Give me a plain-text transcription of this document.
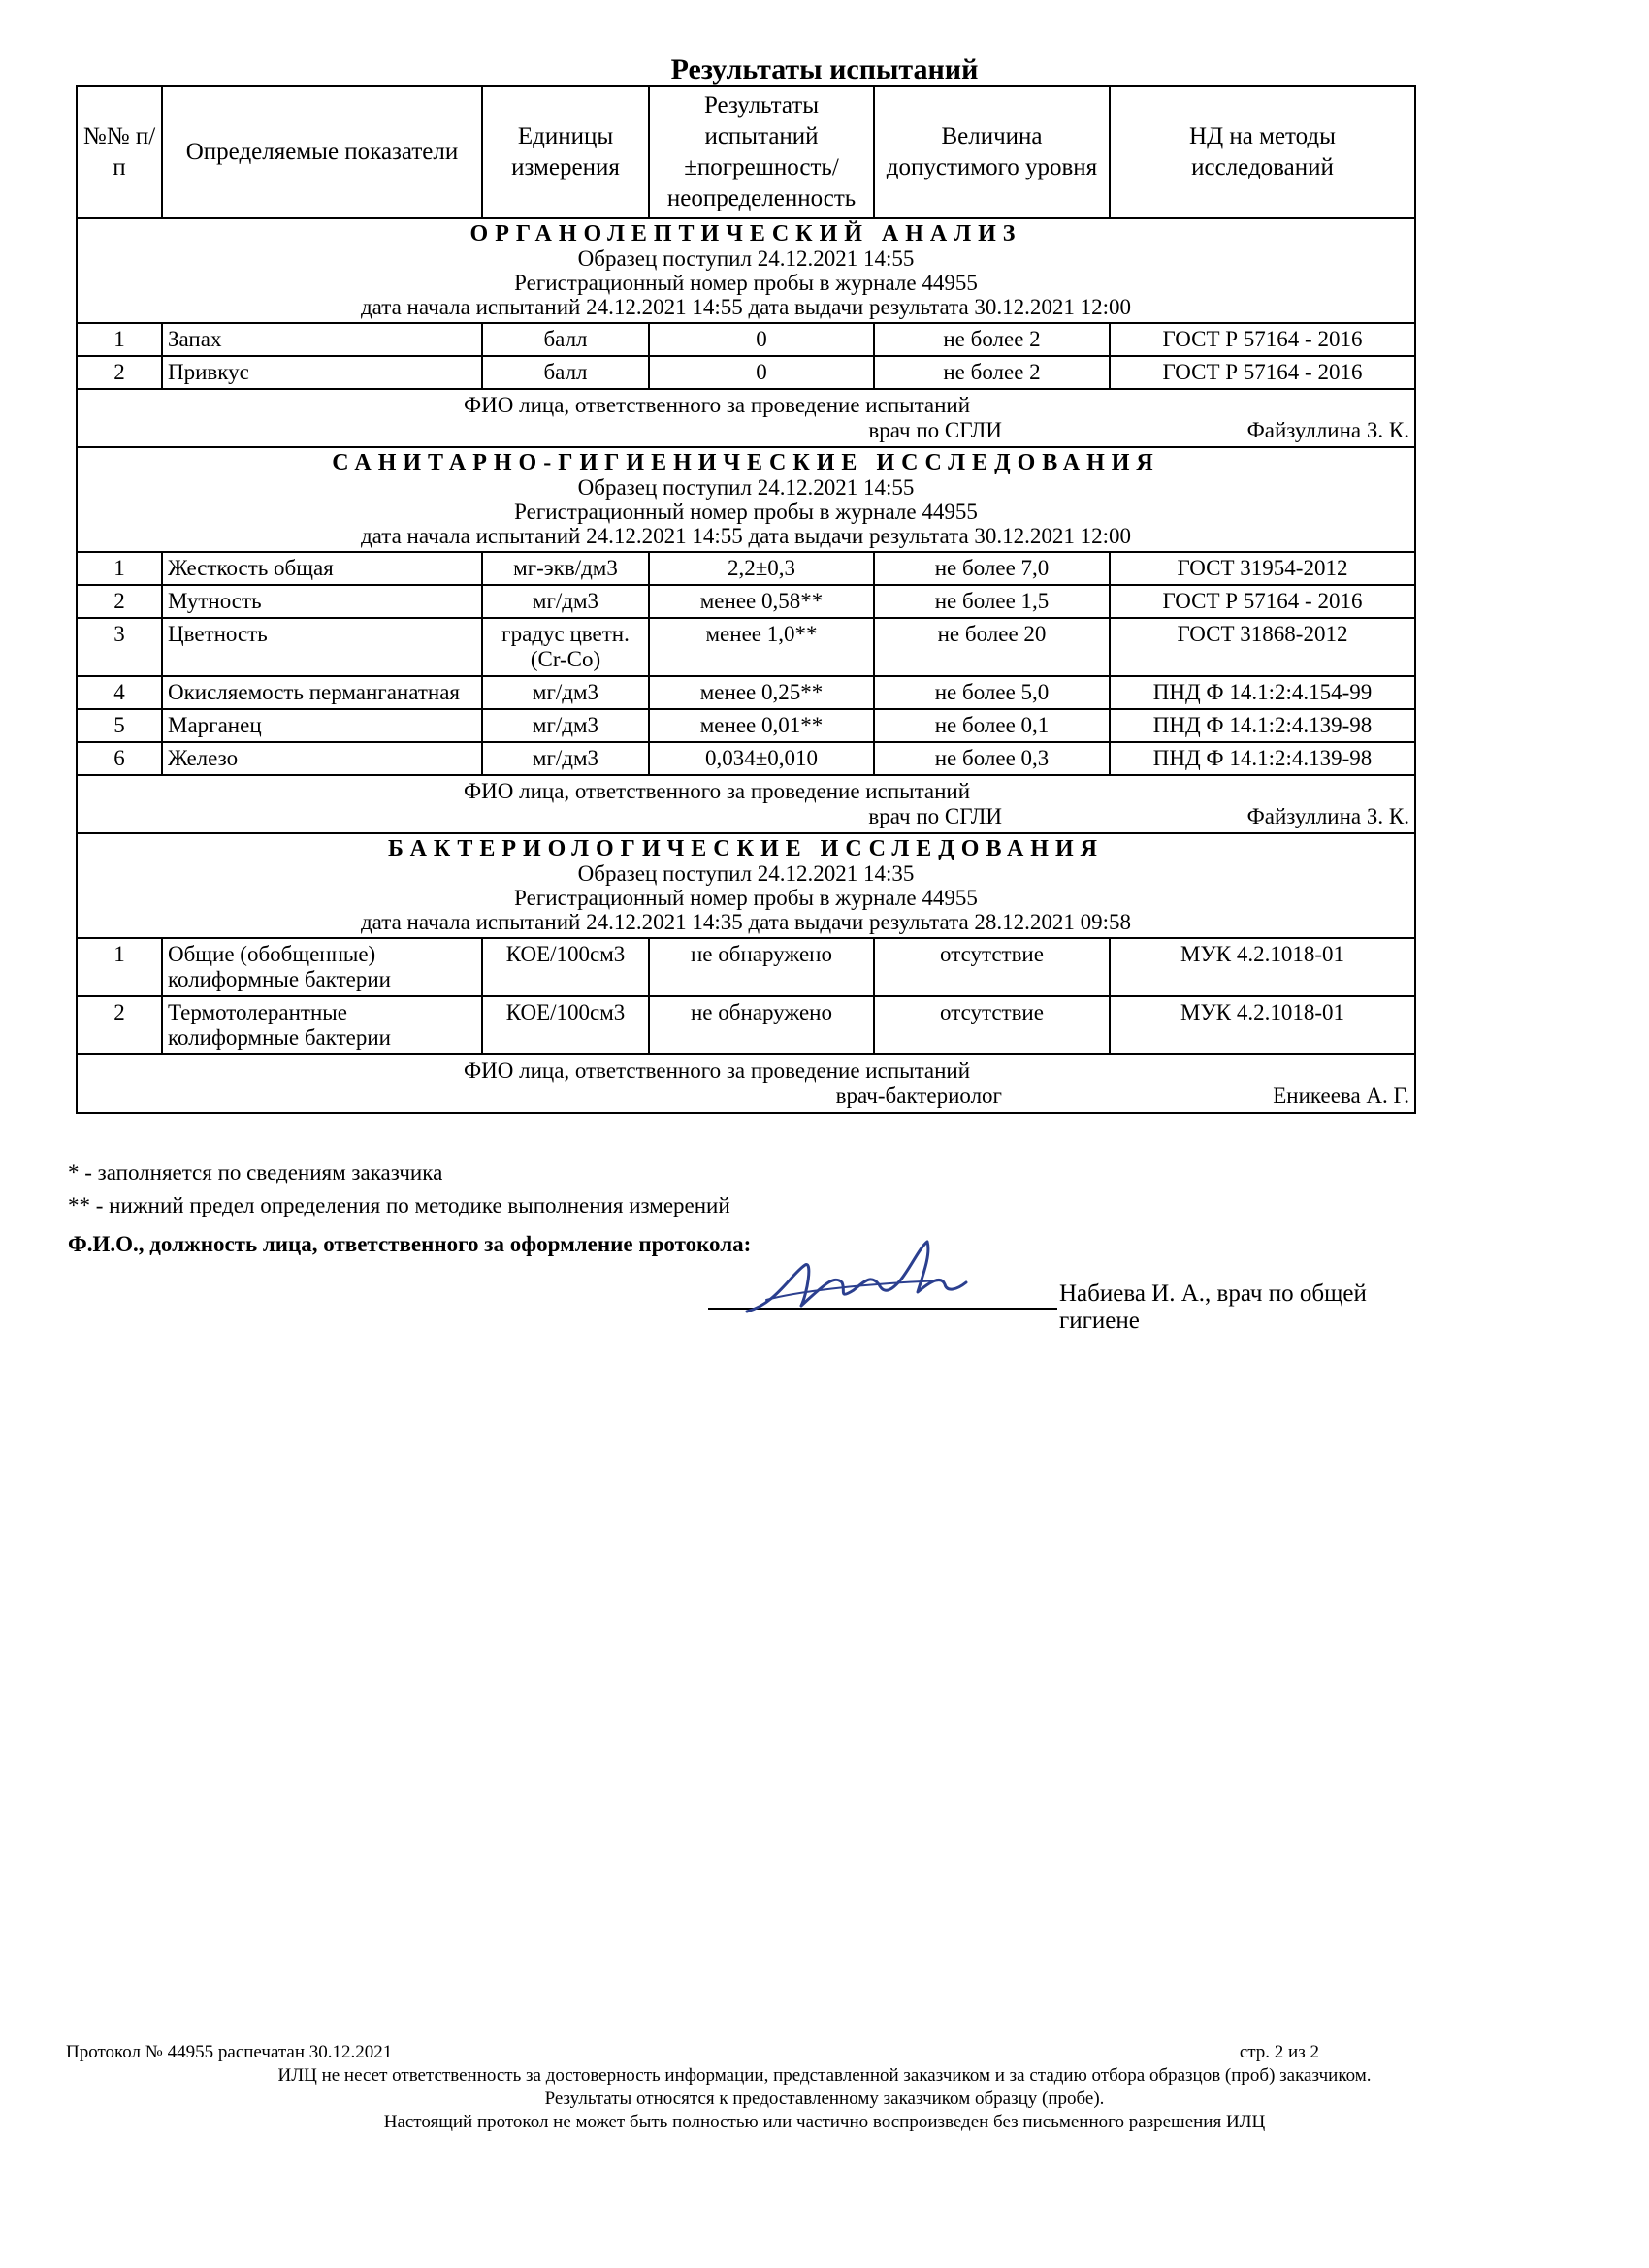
Результаты испытаний
№№ п/п	Определяемые показатели	Единицы измерения	Результаты испытаний ±погрешность/ неопределенность	Величина допустимого уровня	НД на методы исследований

ОРГАНОЛЕПТИЧЕСКИЙ АНАЛИЗ
Образец поступил 24.12.2021 14:55
Регистрационный номер пробы в журнале 44955
дата начала испытаний 24.12.2021 14:55 дата выдачи результата 30.12.2021 12:00					

1	Запах	балл	0	не более 2	ГОСТ Р 57164 - 2016
2	Привкус	балл	0	не более 2	ГОСТ Р 57164 - 2016

ФИО лица, ответственного за проведение испытаний
врач по СГЛИ Файзуллина З. К.					

САНИТАРНО-ГИГИЕНИЧЕСКИЕ ИССЛЕДОВАНИЯ
Образец поступил 24.12.2021 14:55
Регистрационный номер пробы в журнале 44955
дата начала испытаний 24.12.2021 14:55 дата выдачи результата 30.12.2021 12:00					

1	Жесткость общая	мг-экв/дм3	2,2±0,3	не более 7,0	ГОСТ 31954-2012
2	Мутность	мг/дм3	менее 0,58**	не более 1,5	ГОСТ Р 57164 - 2016
3	Цветность	градус цветн.(Cr-Co)	менее 1,0**	не более 20	ГОСТ 31868-2012
4	Окисляемость перманганатная	мг/дм3	менее 0,25**	не более 5,0	ПНД Ф 14.1:2:4.154-99
5	Марганец	мг/дм3	менее 0,01**	не более 0,1	ПНД Ф 14.1:2:4.139-98
6	Железо	мг/дм3	0,034±0,010	не более 0,3	ПНД Ф 14.1:2:4.139-98

ФИО лица, ответственного за проведение испытаний
врач по СГЛИ Файзуллина З. К.					

БАКТЕРИОЛОГИЧЕСКИЕ ИССЛЕДОВАНИЯ
Образец поступил 24.12.2021 14:35
Регистрационный номер пробы в журнале 44955
дата начала испытаний 24.12.2021 14:35 дата выдачи результата 28.12.2021 09:58					

1	Общие (обобщенные) колиформные бактерии	КОЕ/100см3	не обнаружено	отсутствие	МУК 4.2.1018-01
2	Термотолерантные колиформные бактерии	КОЕ/100см3	не обнаружено	отсутствие	МУК 4.2.1018-01

ФИО лица, ответственного за проведение испытаний
врач-бактериолог Еникеева А. Г.					
* - заполняется по сведениям заказчика
** - нижний предел определения по методике выполнения измерений
Ф.И.О., должность лица, ответственного за оформление протокола:
Набиева И. А., врач по общей гигиене
Протокол № 44955 распечатан 30.12.2021	стр. 2 из 2
ИЛЦ не несет ответственность за достоверность информации, представленной заказчиком и за стадию отбора образцов (проб) заказчиком.
Результаты относятся к предоставленному заказчиком образцу (пробе).
Настоящий протокол не может быть полностью или частично воспроизведен без письменного разрешения ИЛЦ
